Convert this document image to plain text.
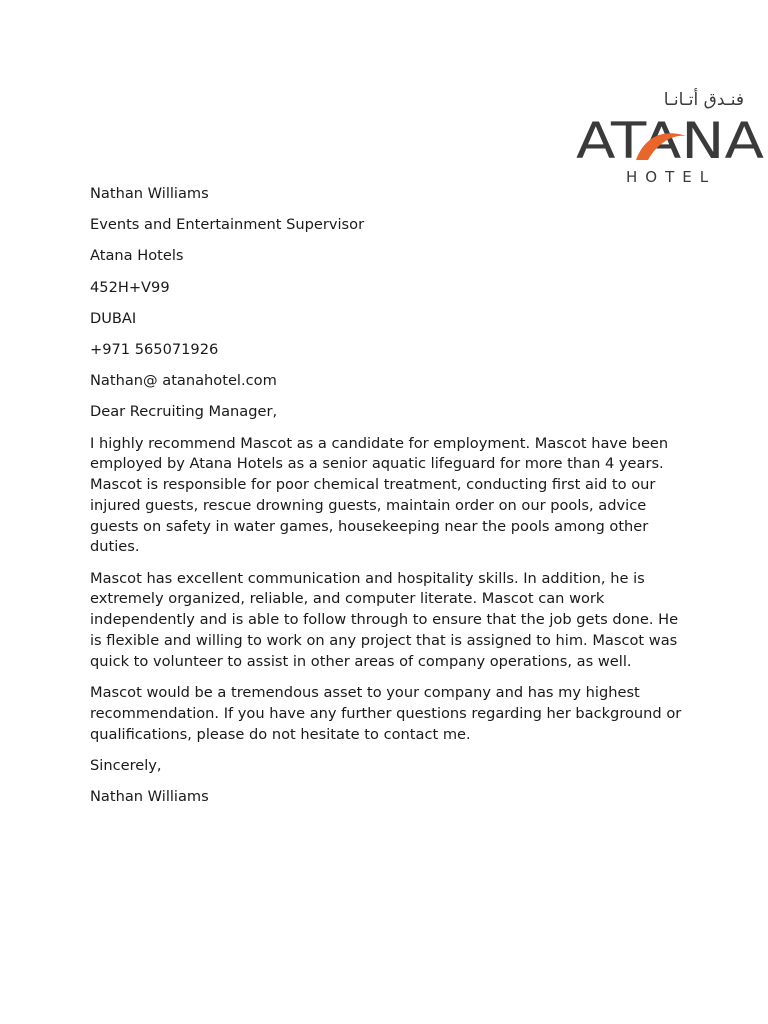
فنـدق أتـانـا
ATANA
HOTEL
Nathan Williams
Events and Entertainment Supervisor
Atana Hotels
452H+V99
DUBAI
+971 565071926
Nathan@ atanahotel.com
Dear Recruiting Manager,
I highly recommend Mascot as a candidate for employment. Mascot have been employed by Atana Hotels as a senior aquatic lifeguard for more than 4 years. Mascot is responsible for poor chemical treatment, conducting first aid to our injured guests, rescue drowning guests, maintain order on our pools, advice guests on safety in water games, housekeeping near the pools among other duties.
Mascot has excellent communication and hospitality skills. In addition, he is extremely organized, reliable, and computer literate. Mascot can work independently and is able to follow through to ensure that the job gets done. He is flexible and willing to work on any project that is assigned to him. Mascot was quick to volunteer to assist in other areas of company operations, as well.
Mascot would be a tremendous asset to your company and has my highest recommendation. If you have any further questions regarding her background or qualifications, please do not hesitate to contact me.
Sincerely,
Nathan Williams
